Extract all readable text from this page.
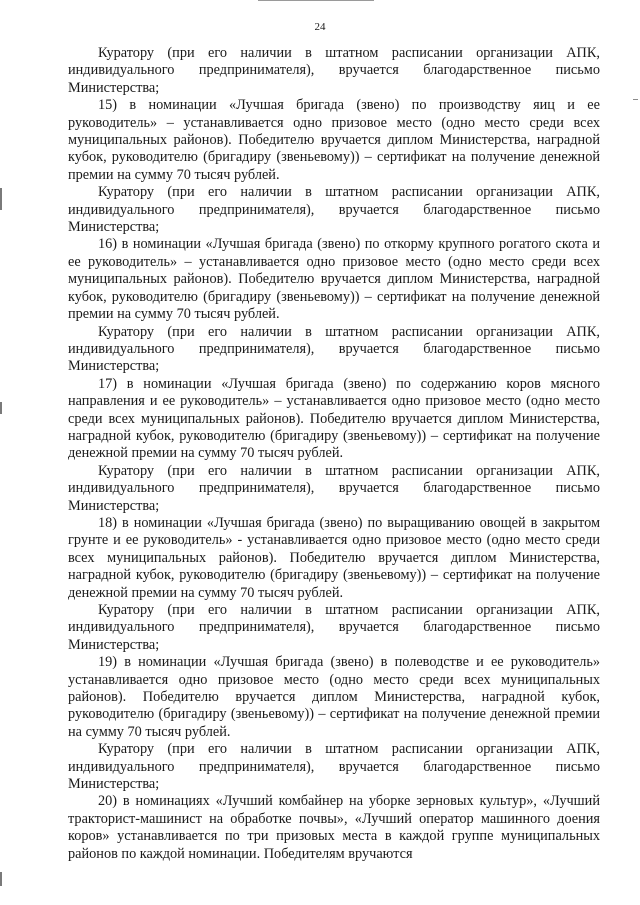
24

Куратору (при его наличии в штатном расписании организации АПК, индивидуального предпринимателя), вручается благодарственное письмо Министерства;

15) в номинации «Лучшая бригада (звено) по производству яиц и ее руководитель» – устанавливается одно призовое место (одно место среди всех муниципальных районов). Победителю вручается диплом Министерства, наградной кубок, руководителю (бригадиру (звеньевому)) – сертификат на получение денежной премии на сумму 70 тысяч рублей.

Куратору (при его наличии в штатном расписании организации АПК, индивидуального предпринимателя), вручается благодарственное письмо Министерства;

16) в номинации «Лучшая бригада (звено) по откорму крупного рогатого скота и ее руководитель» – устанавливается одно призовое место (одно место среди всех муниципальных районов). Победителю вручается диплом Министерства, наградной кубок, руководителю (бригадиру (звеньевому)) – сертификат на получение денежной премии на сумму 70 тысяч рублей.

Куратору (при его наличии в штатном расписании организации АПК, индивидуального предпринимателя), вручается благодарственное письмо Министерства;

17) в номинации «Лучшая бригада (звено) по содержанию коров мясного направления и ее руководитель» – устанавливается одно призовое место (одно место среди всех муниципальных районов). Победителю вручается диплом Министерства, наградной кубок, руководителю (бригадиру (звеньевому)) – сертификат на получение денежной премии на сумму 70 тысяч рублей.

Куратору (при его наличии в штатном расписании организации АПК, индивидуального предпринимателя), вручается благодарственное письмо Министерства;

18) в номинации «Лучшая бригада (звено) по выращиванию овощей в закрытом грунте и ее руководитель» - устанавливается одно призовое место (одно место среди всех муниципальных районов). Победителю вручается диплом Министерства, наградной кубок, руководителю (бригадиру (звеньевому)) – сертификат на получение денежной премии на сумму 70 тысяч рублей.

Куратору (при его наличии в штатном расписании организации АПК, индивидуального предпринимателя), вручается благодарственное письмо Министерства;

19) в номинации «Лучшая бригада (звено) в полеводстве и ее руководитель» устанавливается одно призовое место (одно место среди всех муниципальных районов). Победителю вручается диплом Министерства, наградной кубок, руководителю (бригадиру (звеньевому)) – сертификат на получение денежной премии на сумму 70 тысяч рублей.

Куратору (при его наличии в штатном расписании организации АПК, индивидуального предпринимателя), вручается благодарственное письмо Министерства;

20) в номинациях «Лучший комбайнер на уборке зерновых культур», «Лучший тракторист-машинист на обработке почвы», «Лучший оператор машинного доения коров» устанавливается по три призовых места в каждой группе муниципальных районов по каждой номинации. Победителям вручаются
